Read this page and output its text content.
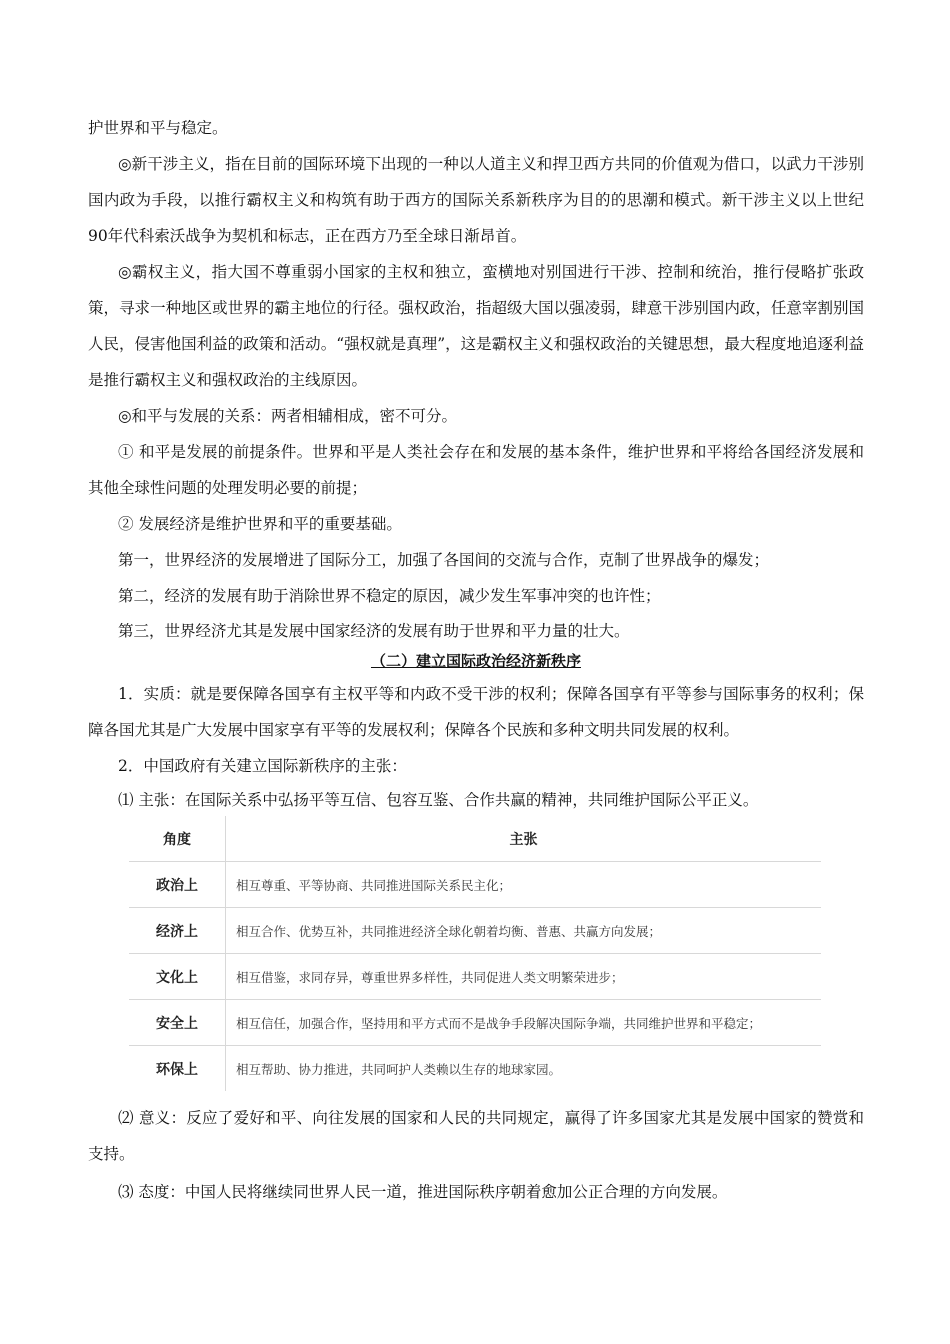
护世界和平与稳定。

◎新干涉主义，指在目前的国际环境下出现的一种以人道主义和捍卫西方共同的价值观为借口，以武力干涉别国内政为手段，以推行霸权主义和构筑有助于西方的国际关系新秩序为目的的思潮和模式。新干涉主义以上世纪90年代科索沃战争为契机和标志，正在西方乃至全球日渐昂首。

◎霸权主义，指大国不尊重弱小国家的主权和独立，蛮横地对别国进行干涉、控制和统治，推行侵略扩张政策，寻求一种地区或世界的霸主地位的行径。强权政治，指超级大国以强凌弱，肆意干涉别国内政，任意宰割别国人民，侵害他国利益的政策和活动。“强权就是真理”，这是霸权主义和强权政治的关键思想，最大程度地追逐利益是推行霸权主义和强权政治的主线原因。

◎和平与发展的关系：两者相辅相成，密不可分。

① 和平是发展的前提条件。世界和平是人类社会存在和发展的基本条件，维护世界和平将给各国经济发展和其他全球性问题的处理发明必要的前提；

② 发展经济是维护世界和平的重要基础。

第一，世界经济的发展增进了国际分工，加强了各国间的交流与合作，克制了世界战争的爆发；

第二，经济的发展有助于消除世界不稳定的原因，减少发生军事冲突的也许性；

第三，世界经济尤其是发展中国家经济的发展有助于世界和平力量的壮大。

（二）建立国际政治经济新秩序

1．实质：就是要保障各国享有主权平等和内政不受干涉的权利；保障各国享有平等参与国际事务的权利；保障各国尤其是广大发展中国家享有平等的发展权利；保障各个民族和多种文明共同发展的权利。

2．中国政府有关建立国际新秩序的主张：

⑴ 主张：在国际关系中弘扬平等互信、包容互鉴、合作共赢的精神，共同维护国际公平正义。

角度	主张
政治上	相互尊重、平等协商、共同推进国际关系民主化；
经济上	相互合作、优势互补，共同推进经济全球化朝着均衡、普惠、共赢方向发展；
文化上	相互借鉴，求同存异，尊重世界多样性，共同促进人类文明繁荣进步；
安全上	相互信任，加强合作，坚持用和平方式而不是战争手段解决国际争端，共同维护世界和平稳定；
环保上	相互帮助、协力推进，共同呵护人类赖以生存的地球家园。

⑵ 意义：反应了爱好和平、向往发展的国家和人民的共同规定，赢得了许多国家尤其是发展中国家的赞赏和支持。

⑶ 态度：中国人民将继续同世界人民一道，推进国际秩序朝着愈加公正合理的方向发展。
